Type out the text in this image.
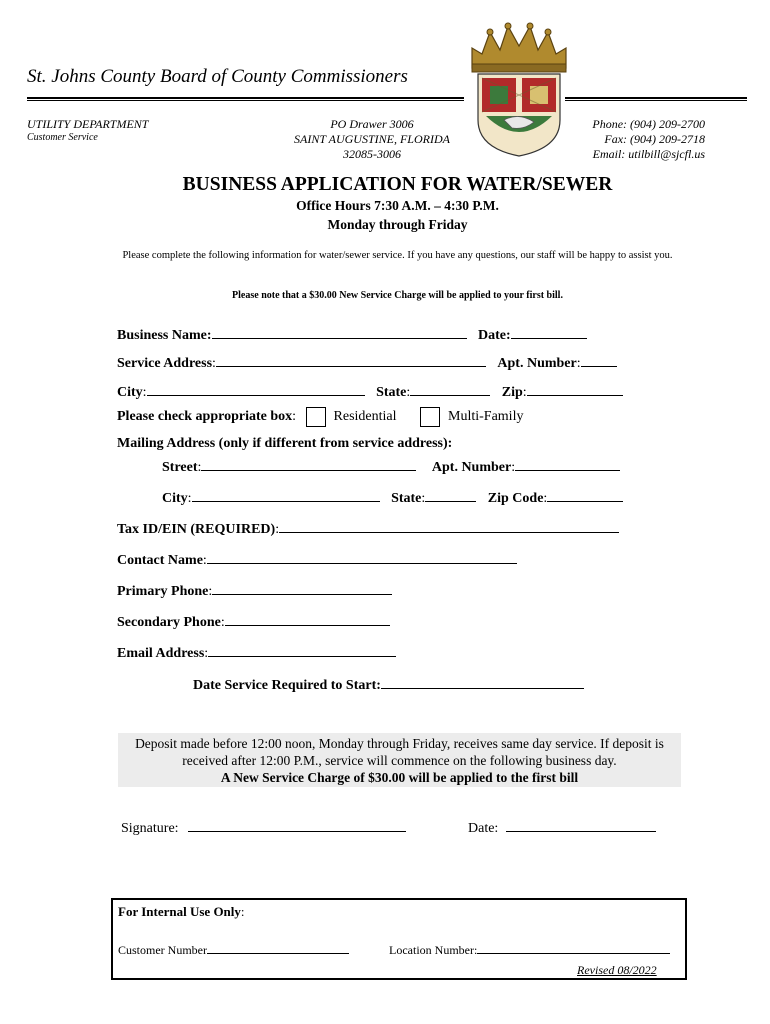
St. Johns County Board of County Commissioners
UTILITY DEPARTMENT
Customer Service
PO Drawer 3006
SAINT AUGUSTINE, FLORIDA
32085-3006
Phone: (904) 209-2700
Fax: (904) 209-2718
Email: utilbill@sjcfl.us
BUSINESS APPLICATION FOR WATER/SEWER
Office Hours 7:30 A.M. – 4:30 P.M.
Monday through Friday
Please complete the following information for water/sewer service. If you have any questions, our staff will be happy to assist you.
Please note that a $30.00 New Service Charge will be applied to your first bill.
Business Name:	Date:
Service Address:	Apt. Number:
City:	State:	Zip:
Please check appropriate box:	Residential	Multi-Family
Mailing Address (only if different from service address):
Street:	Apt. Number:
City:	State:	Zip Code:
Tax ID/EIN (REQUIRED):
Contact Name:
Primary Phone:
Secondary Phone:
Email Address:
Date Service Required to Start:
Deposit made before 12:00 noon, Monday through Friday, receives same day service. If deposit is
received after 12:00 P.M., service will commence on the following business day.
A New Service Charge of $30.00 will be applied to the first bill
Signature:	Date:
For Internal Use Only:
Customer Number	Location Number:
Revised 08/2022
